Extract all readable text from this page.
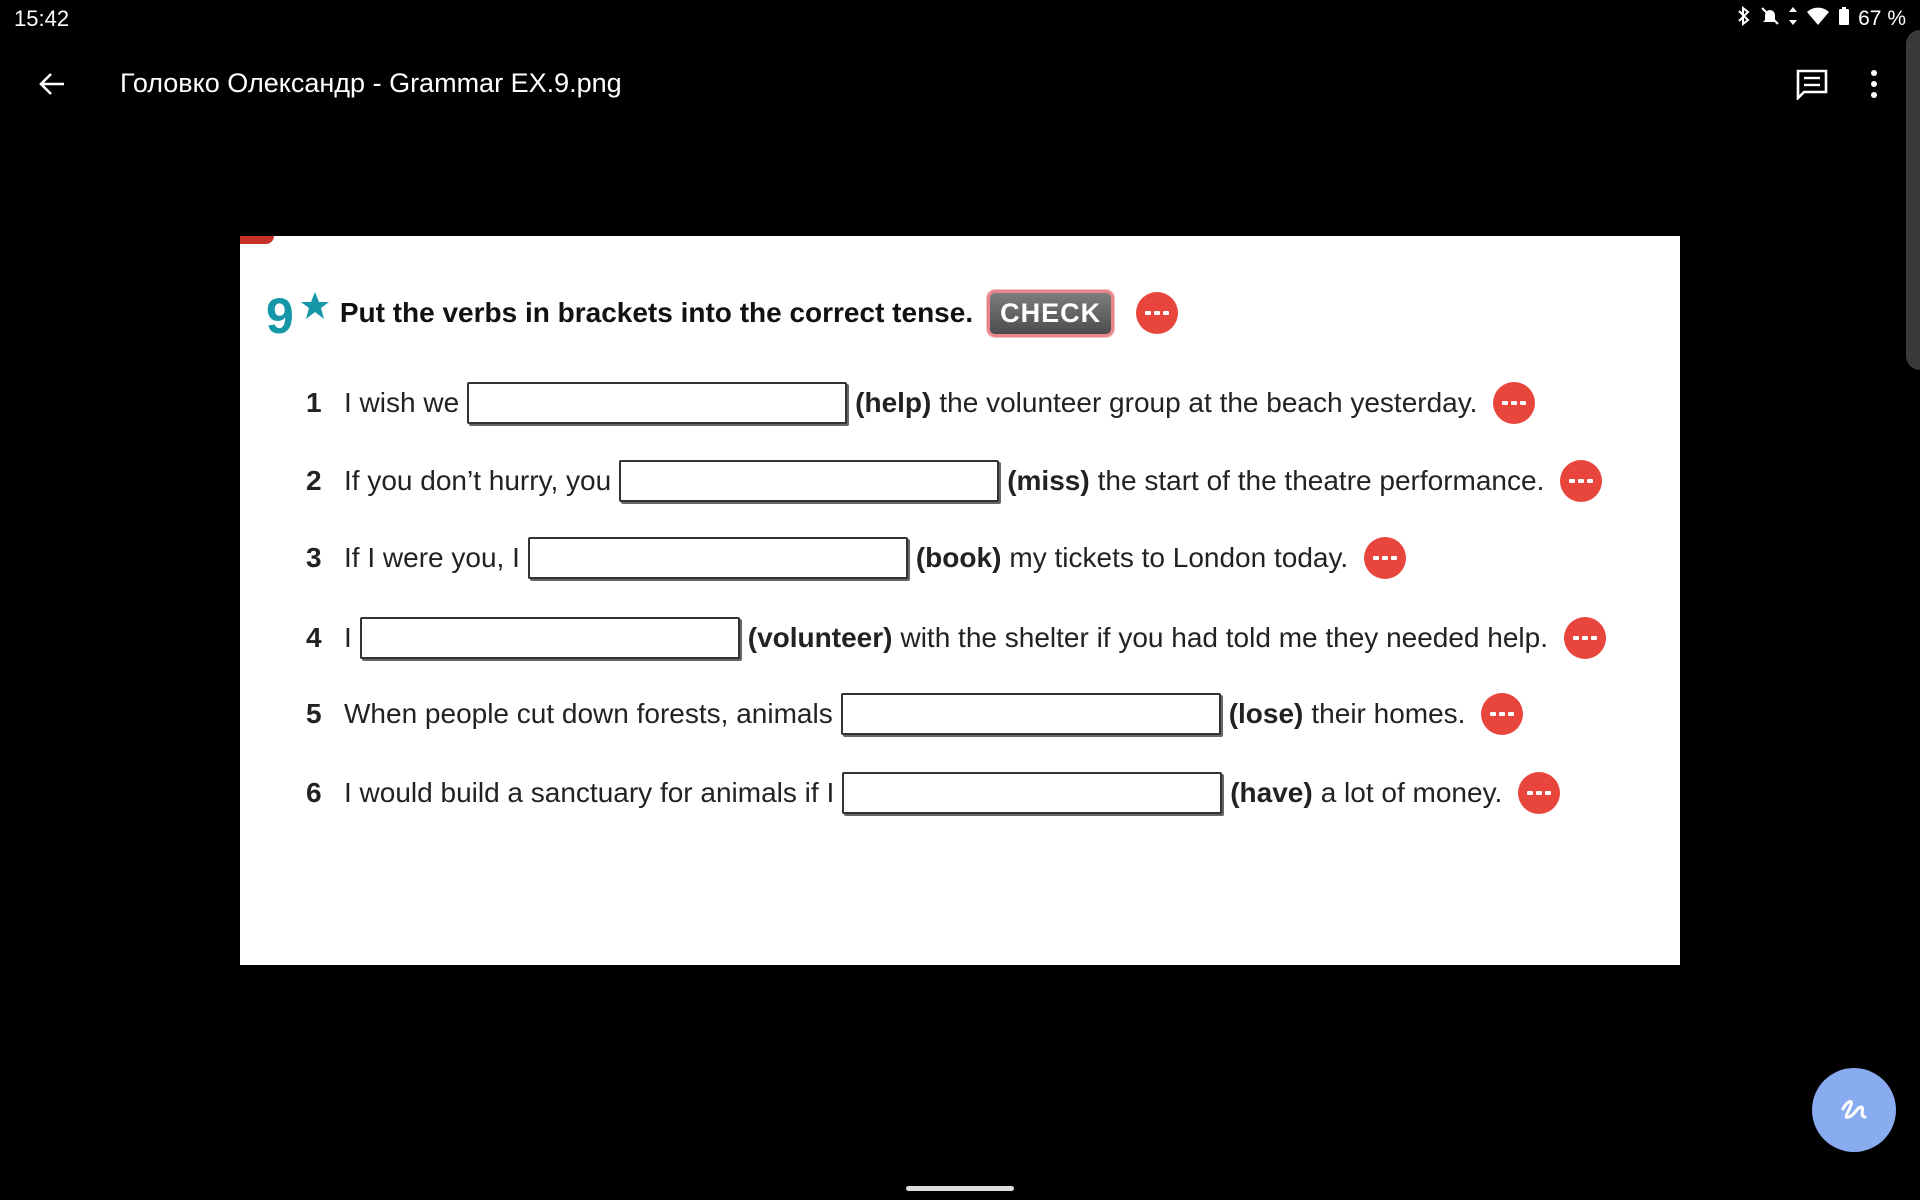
15:42	67 %
Головко Олександр - Grammar EX.9.png
9 Put the verbs in brackets into the correct tense.	CHECK
1 I wish we	(help) the volunteer group at the beach yesterday.
2 If you don’t hurry, you	(miss) the start of the theatre performance.
3 If I were you, I	(book) my tickets to London today.
4 I	(volunteer) with the shelter if you had told me they needed help.
5 When people cut down forests, animals	(lose) their homes.
6 I would build a sanctuary for animals if I	(have) a lot of money.
